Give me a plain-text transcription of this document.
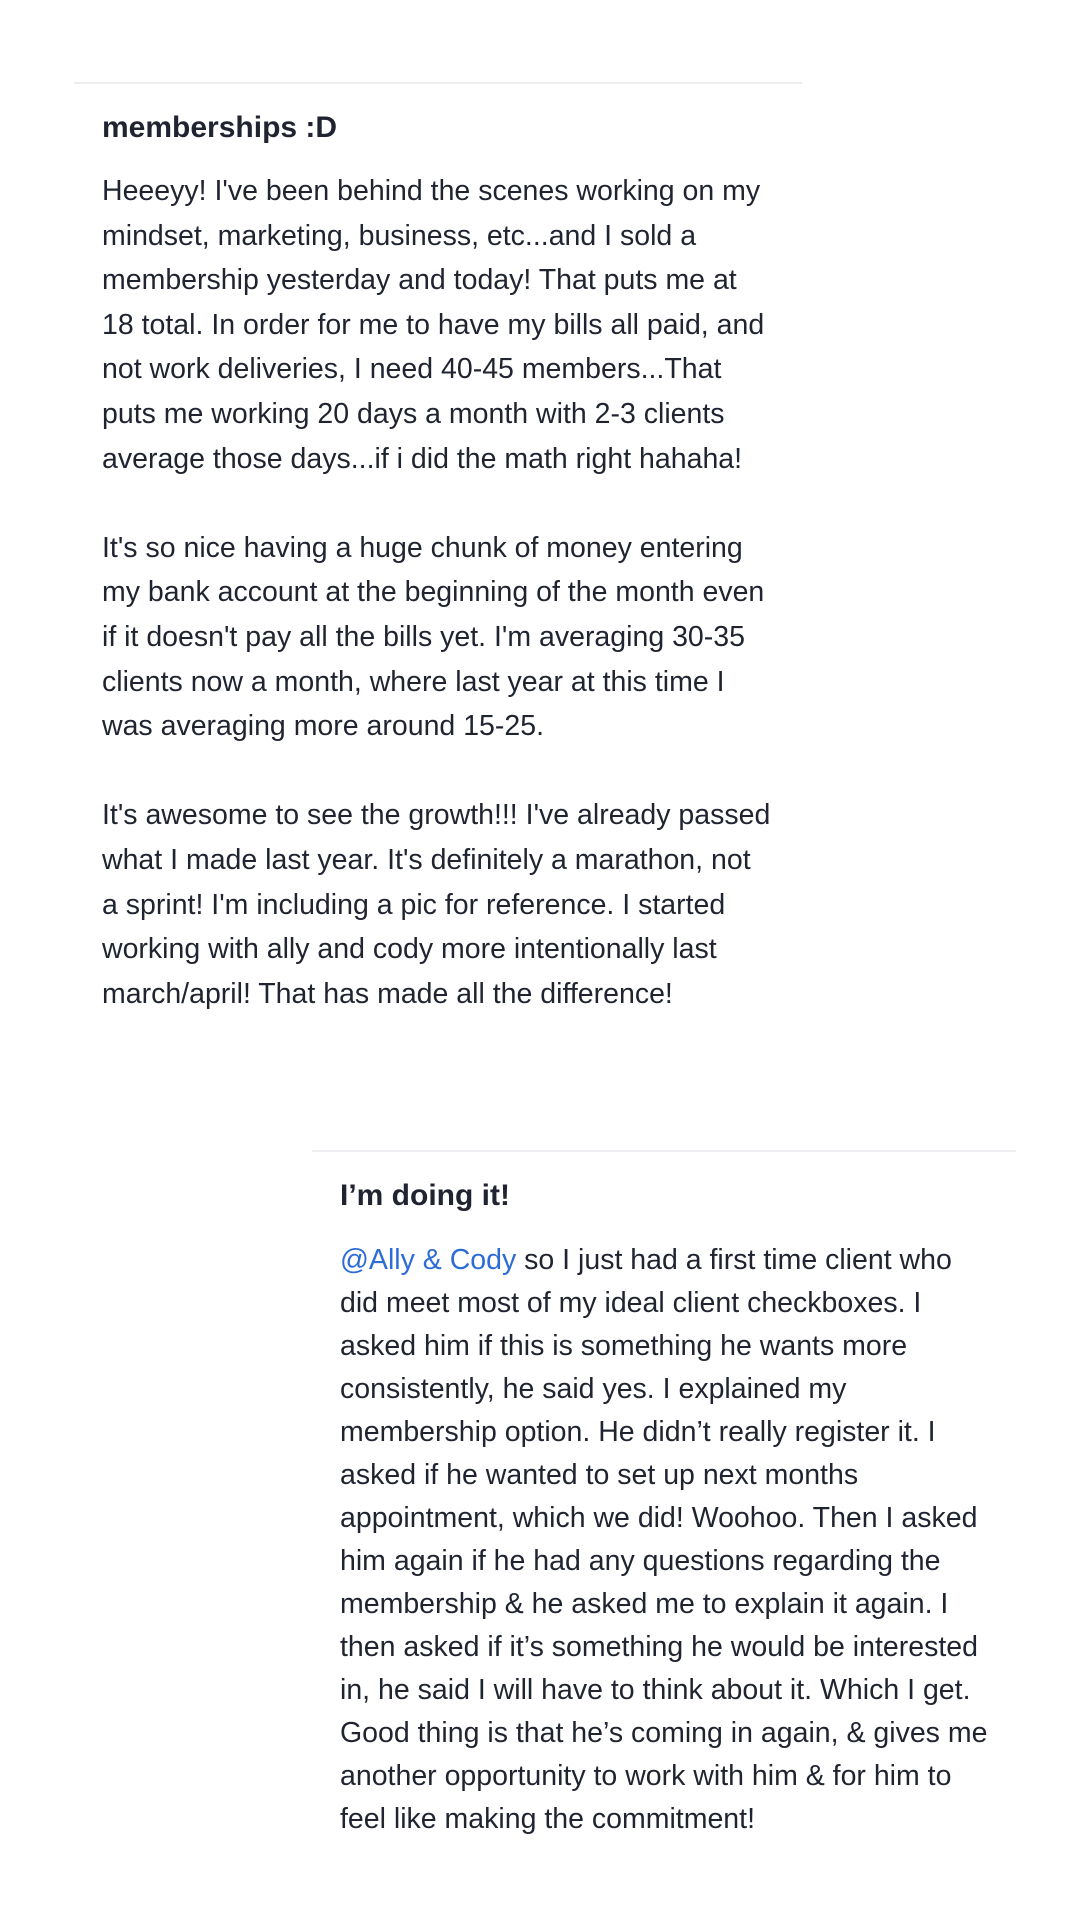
memberships :D

Heeeyy! I've been behind the scenes working on my mindset, marketing, business, etc...and I sold a membership yesterday and today! That puts me at 18 total. In order for me to have my bills all paid, and not work deliveries, I need 40-45 members...That puts me working 20 days a month with 2-3 clients average those days...if i did the math right hahaha!

It's so nice having a huge chunk of money entering my bank account at the beginning of the month even if it doesn't pay all the bills yet. I'm averaging 30-35 clients now a month, where last year at this time I was averaging more around 15-25.

It's awesome to see the growth!!! I've already passed what I made last year. It's definitely a marathon, not a sprint! I'm including a pic for reference. I started working with ally and cody more intentionally last march/april! That has made all the difference!

I’m doing it!

@Ally & Cody so I just had a first time client who did meet most of my ideal client checkboxes. I asked him if this is something he wants more consistently, he said yes. I explained my membership option. He didn’t really register it. I asked if he wanted to set up next months appointment, which we did! Woohoo. Then I asked him again if he had any questions regarding the membership & he asked me to explain it again. I then asked if it’s something he would be interested in, he said I will have to think about it. Which I get. Good thing is that he’s coming in again, & gives me another opportunity to work with him & for him to feel like making the commitment!
